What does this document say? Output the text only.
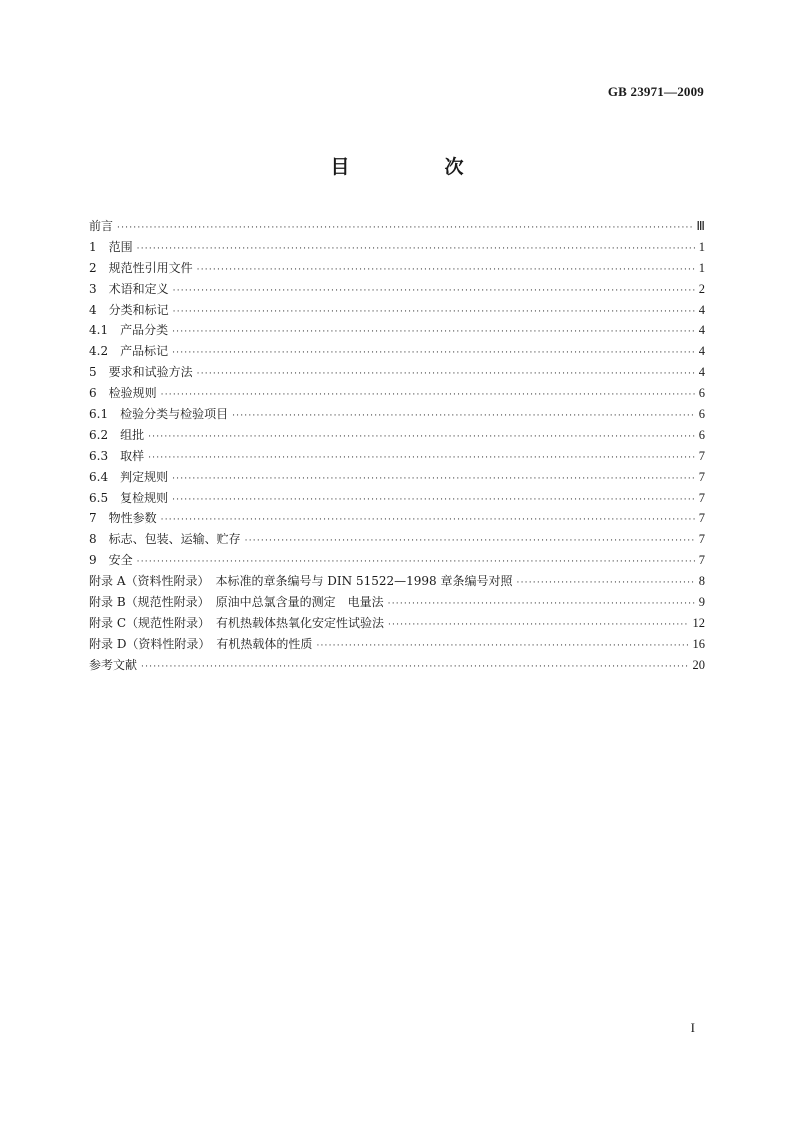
GB 23971—2009
目　次
前言 ·····	Ⅲ
1　范围 ·····	1
2　规范性引用文件 ·····	1
3　术语和定义 ·····	2
4　分类和标记 ·····	4
4.1　产品分类 ·····	4
4.2　产品标记 ·····	4
5　要求和试验方法 ·····	4
6　检验规则 ·····	6
6.1　检验分类与检验项目 ·····	6
6.2　组批 ·····	6
6.3　取样 ·····	7
6.4　判定规则 ·····	7
6.5　复检规则 ·····	7
7　物性参数 ·····	7
8　标志、包装、运输、贮存 ·····	7
9　安全 ·····	7
附录 A（资料性附录）　本标准的章条编号与 DIN 51522—1998 章条编号对照 ·····	8
附录 B（规范性附录）　原油中总氯含量的测定　电量法 ·····	9
附录 C（规范性附录）　有机热载体热氧化安定性试验法 ·····	12
附录 D（资料性附录）　有机热载体的性质 ·····	16
参考文献 ·····	20
I
